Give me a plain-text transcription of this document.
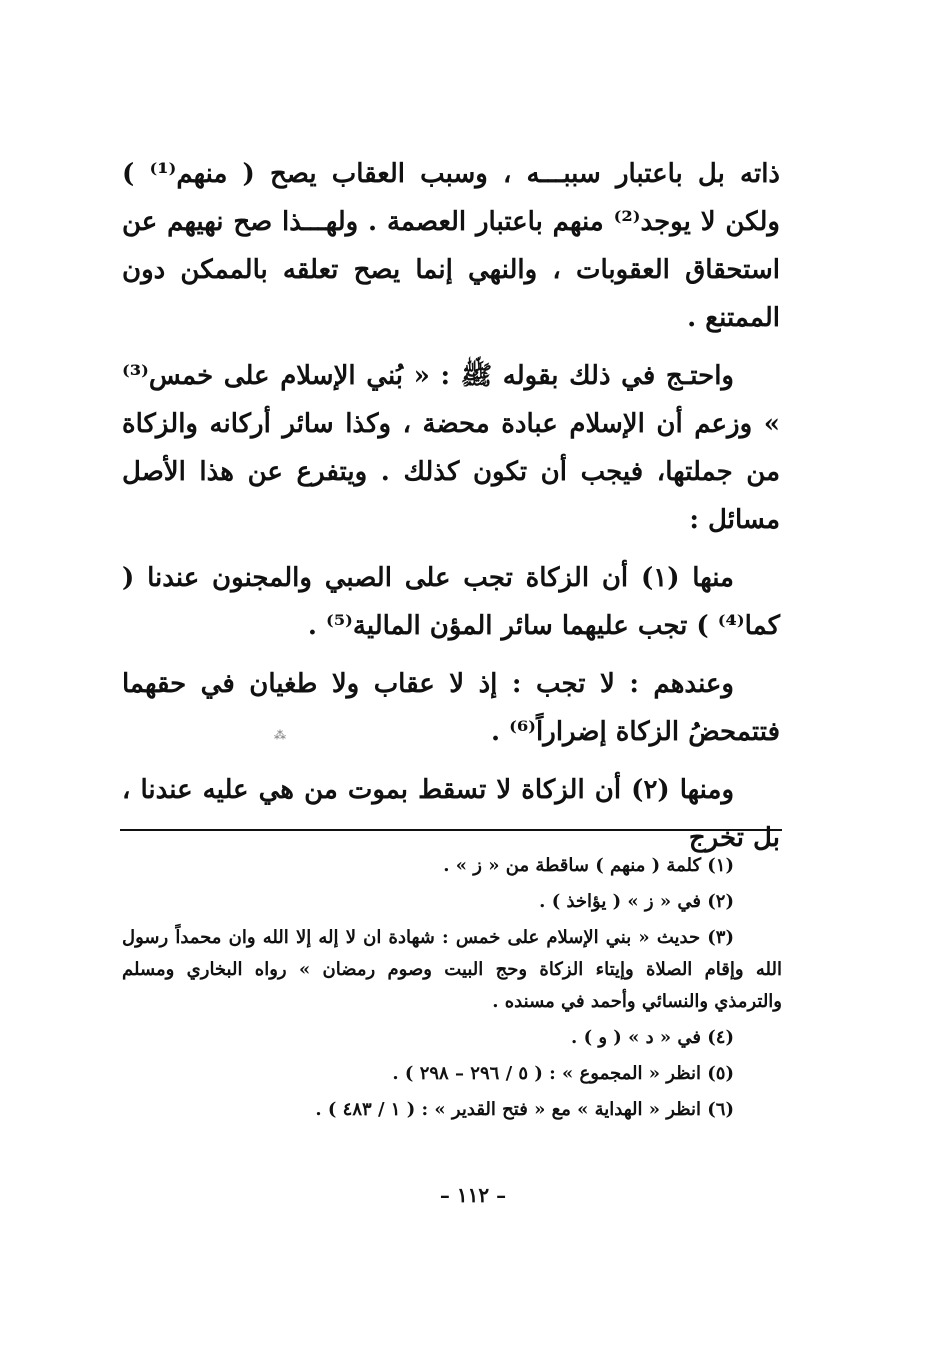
ذاته بل باعتبار سببـــه ، وسبب العقاب يصح ( منهم⁽¹⁾ ) ولكن لا يوجد⁽²⁾ منهم باعتبار العصمة . ولهـــذا صح نهيهم عن استحقاق العقوبات ، والنهي إنما يصح تعلقه بالممكن دون الممتنع .

واحتـج في ذلك بقوله ﷺ : « بُني الإسلام على خمس⁽³⁾ » وزعم أن الإسلام عبادة محضة ، وكذا سائر أركانه والزكاة من جملتها، فيجب أن تكون كذلك . ويتفرع عن هذا الأصل مسائل :

منها (١) أن الزكاة تجب على الصبي والمجنون عندنا ( كما⁽⁴⁾ ) تجب عليهما سائر المؤن المالية⁽⁵⁾ .

وعندهم : لا تجب : إذ لا عقاب ولا طغيان في حقهما فتتمحضُ الزكاة إضراراً⁽⁶⁾ .

ومنها (٢) أن الزكاة لا تسقط بموت من هي عليه عندنا ، بل تخرج

⁂
(١) كلمة ( منهم ) ساقطة من « ز » .
(٢) في « ز » ( يؤاخذ ) .
(٣) حديث « بني الإسلام على خمس : شهادة ان لا إله إلا الله وان محمداً رسول الله وإقام الصلاة وإيتاء الزكاة وحج البيت وصوم رمضان » رواه البخاري ومسلم والترمذي والنسائي وأحمد في مسنده .
(٤) في « د » ( و ) .
(٥) انظر « المجموع » : ( ٥ / ٢٩٦ – ٢٩٨ ) .
(٦) انظر « الهداية » مع « فتح القدير » : ( ١ / ٤٨٣ ) .
– ١١٢ –
